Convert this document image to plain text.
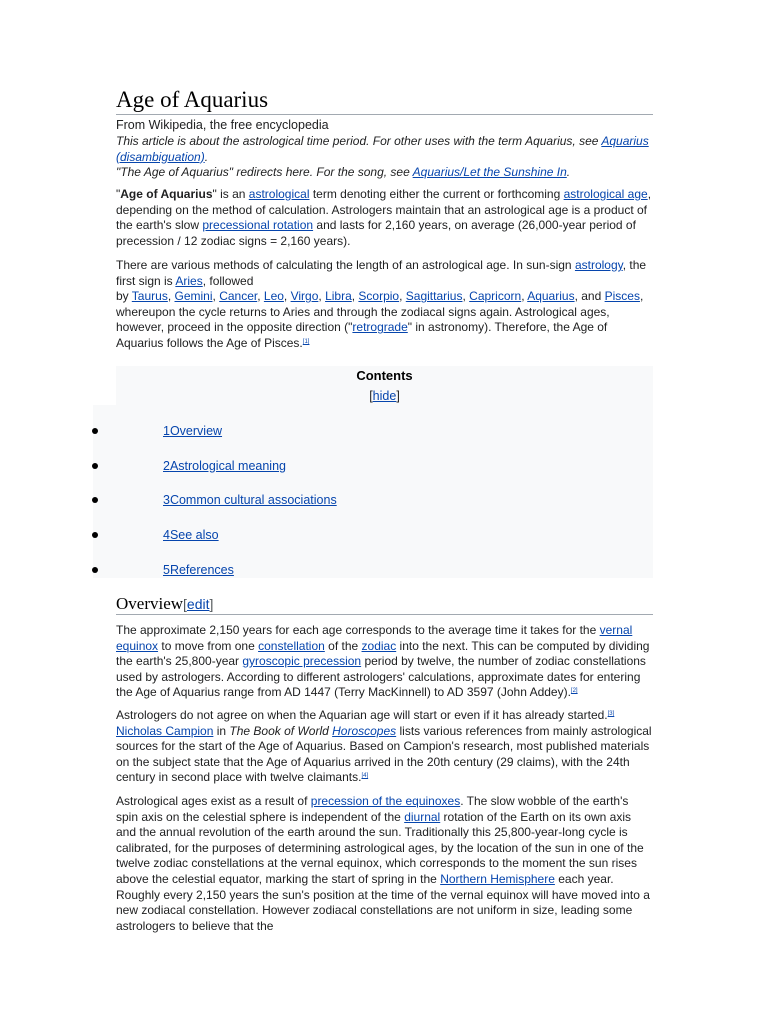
Age of Aquarius
From Wikipedia, the free encyclopedia
This article is about the astrological time period. For other uses with the term Aquarius, see Aquarius (disambiguation).
"The Age of Aquarius" redirects here. For the song, see Aquarius/Let the Sunshine In.

"Age of Aquarius" is an astrological term denoting either the current or forthcoming astrological age, depending on the method of calculation. Astrologers maintain that an astrological age is a product of the earth's slow precessional rotation and lasts for 2,160 years, on average (26,000-year period of precession / 12 zodiac signs = 2,160 years).

There are various methods of calculating the length of an astrological age. In sun-sign astrology, the first sign is Aries, followed
by Taurus, Gemini, Cancer, Leo, Virgo, Libra, Scorpio, Sagittarius, Capricorn, Aquarius, and Pisces, whereupon the cycle returns to Aries and through the zodiacal signs again. Astrological ages, however, proceed in the opposite direction ("retrograde" in astronomy). Therefore, the Age of Aquarius follows the Age of Pisces.[1]

Contents
[hide]
1Overview
2Astrological meaning
3Common cultural associations
4See also
5References
Overview[edit]

The approximate 2,150 years for each age corresponds to the average time it takes for the vernal equinox to move from one constellation of the zodiac into the next. This can be computed by dividing the earth's 25,800-year gyroscopic precession period by twelve, the number of zodiac constellations used by astrologers. According to different astrologers' calculations, approximate dates for entering the Age of Aquarius range from AD 1447 (Terry MacKinnell) to AD 3597 (John Addey).[2]

Astrologers do not agree on when the Aquarian age will start or even if it has already started.[3] Nicholas Campion in The Book of World Horoscopes lists various references from mainly astrological sources for the start of the Age of Aquarius. Based on Campion's research, most published materials on the subject state that the Age of Aquarius arrived in the 20th century (29 claims), with the 24th century in second place with twelve claimants.[4]

Astrological ages exist as a result of precession of the equinoxes. The slow wobble of the earth's spin axis on the celestial sphere is independent of the diurnal rotation of the Earth on its own axis and the annual revolution of the earth around the sun. Traditionally this 25,800-year-long cycle is calibrated, for the purposes of determining astrological ages, by the location of the sun in one of the twelve zodiac constellations at the vernal equinox, which corresponds to the moment the sun rises above the celestial equator, marking the start of spring in the Northern Hemisphere each year. Roughly every 2,150 years the sun's position at the time of the vernal equinox will have moved into a new zodiacal constellation. However zodiacal constellations are not uniform in size, leading some astrologers to believe that the
